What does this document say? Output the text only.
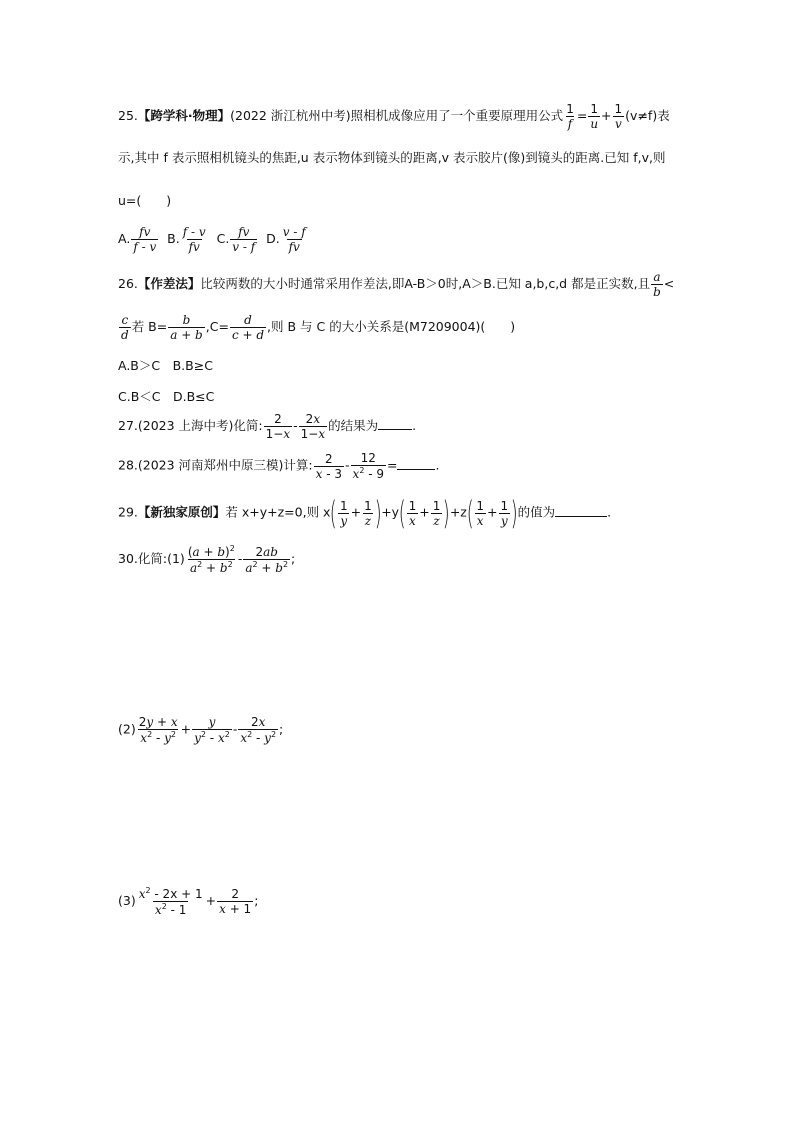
25.【跨学科·物理】(2022 浙江杭州中考)照相机成像应用了一个重要原理用公式 $\frac{1}{f} = \frac{1}{u} + \frac{1}{v} (v\ne f)$表
示,其中 f 表示照相机镜头的焦距,u 表示物体到镜头的距离,v 表示胶片(像)到镜头的距离.已知 f,v,则
u=(　　)
A. $\frac{fv}{f - v} B$. $\frac{f - v}{fv} C$. $\frac{fv}{v - f} D$. $\frac{v - f}{fv}$
26.【作差法】比较两数的大小时通常采用作差法,即A-B＞0时,A＞B.已知 a,b,c,d 都是正实数,且 $\frac{a}{b}$ <
$\frac{c}{d}$ 若 $B= \frac{b}{a + b} ,C= \frac{d}{c + d}$ ,则 B 与 C 的大小关系是(M7209004)(　　)
A.B＞C　B.B≥C
C.B＜C　D.B≤C
27.(2023 上海中考)化简: $\frac{2}{1-x} - \frac{2x}{1-x}$ 的结果为	.
28.(2023 河南郑州中原三模)计算: $\frac{2}{x - 3} - \frac{12}{x^2 - 9}$ =	.
29.【新独家原创】若 x+y+z=0,则 $x( \frac{1}{y} + \frac{1}{z} )+y( \frac{1}{x} + \frac{1}{z} )+z( \frac{1}{x} + \frac{1}{y}$ )的值为	.
30.化简:(1) $\frac{(a + b)^2}{a^2 + b^2} - \frac{2ab}{a^2 + b^2}$ ;
$(2) \frac{2y + x}{x^2 - y^2} + \frac{y}{y^2 - x^2} - \frac{2x}{x^2 - y^2}$ ;
$(3) \frac{x^2 - 2x + 1}{x^2 - 1} + \frac{2}{x + 1}$ ;
